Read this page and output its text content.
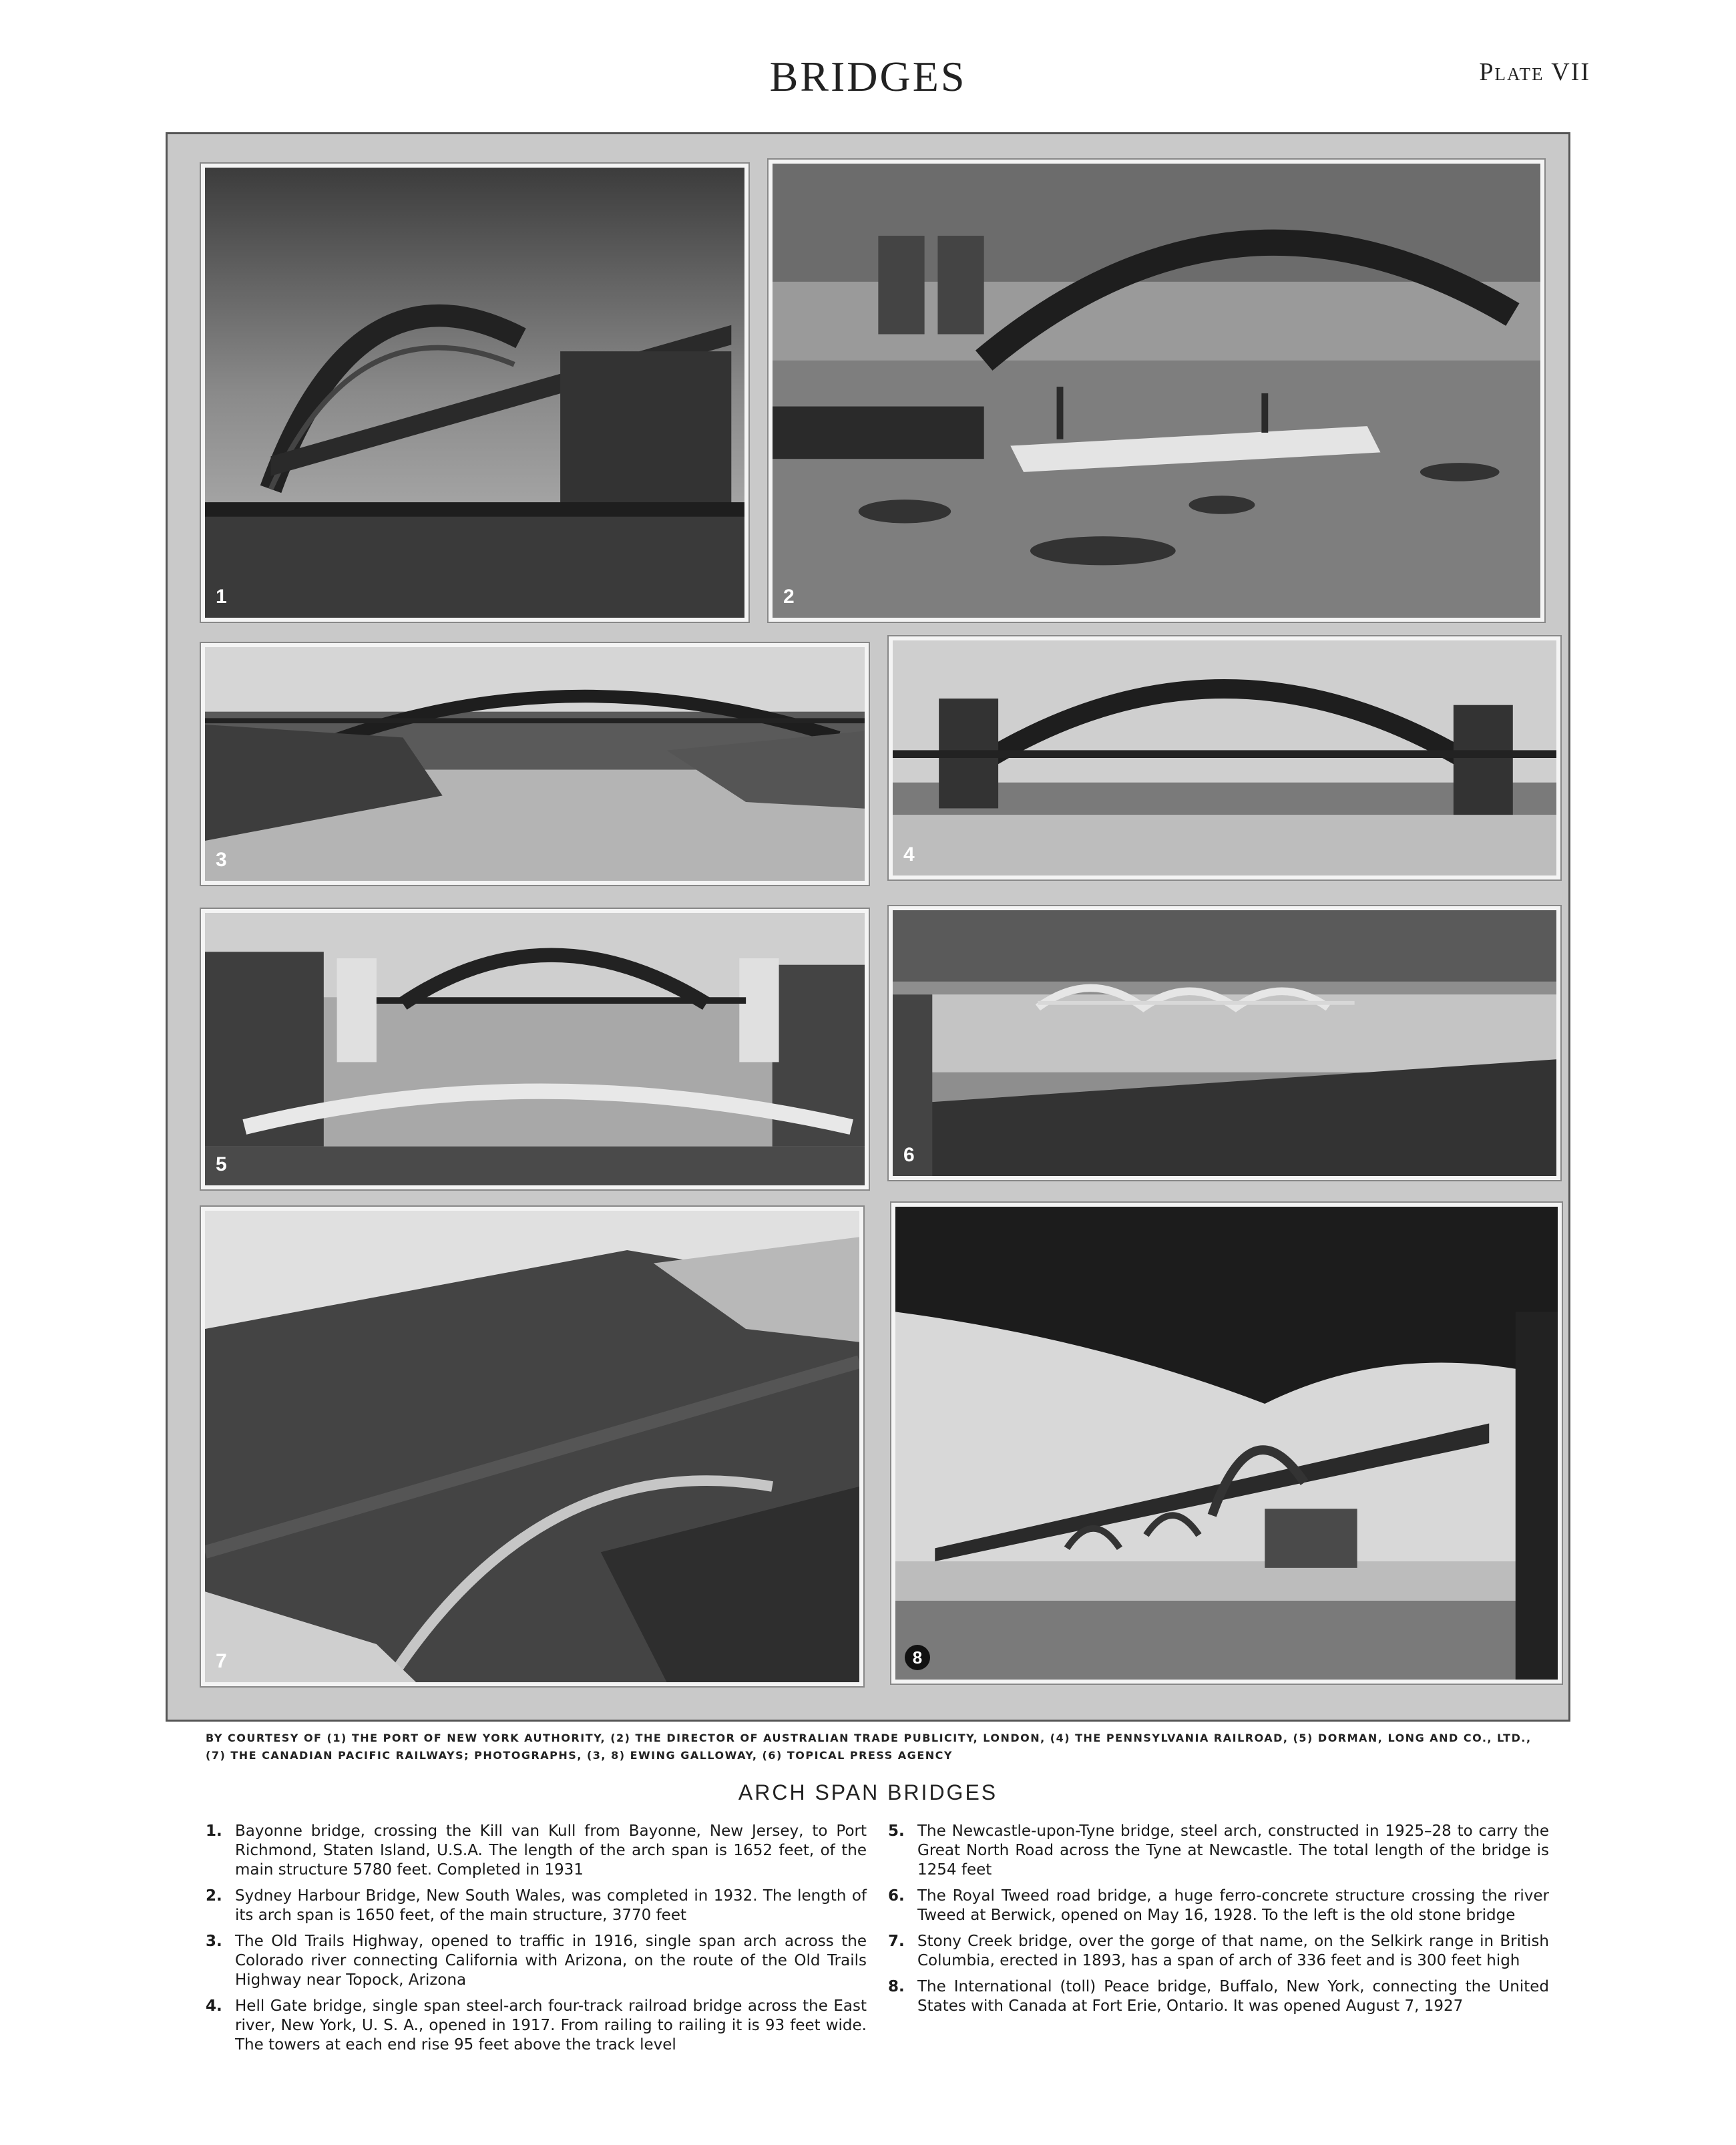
BRIDGES	Plate VII
1	2
3	4
5	6
7	8
BY COURTESY OF (1) THE PORT OF NEW YORK AUTHORITY, (2) THE DIRECTOR OF AUSTRALIAN TRADE PUBLICITY, LONDON, (4) THE PENNSYLVANIA RAILROAD, (5) DORMAN, LONG AND CO., LTD., (7) THE CANADIAN PACIFIC RAILWAYS; PHOTOGRAPHS, (3, 8) EWING GALLOWAY, (6) TOPICAL PRESS AGENCY
ARCH SPAN BRIDGES
1. Bayonne bridge, crossing the Kill van Kull from Bayonne, New Jersey, to Port Richmond, Staten Island, U.S.A. The length of the arch span is 1652 feet, of the main structure 5780 feet. Completed in 1931
2. Sydney Harbour Bridge, New South Wales, was completed in 1932. The length of its arch span is 1650 feet, of the main structure, 3770 feet
3. The Old Trails Highway, opened to traffic in 1916, single span arch across the Colorado river connecting California with Arizona, on the route of the Old Trails Highway near Topock, Arizona
4. Hell Gate bridge, single span steel-arch four-track railroad bridge across the East river, New York, U. S. A., opened in 1917. From railing to railing it is 93 feet wide. The towers at each end rise 95 feet above the track level
5. The Newcastle-upon-Tyne bridge, steel arch, constructed in 1925–28 to carry the Great North Road across the Tyne at Newcastle. The total length of the bridge is 1254 feet
6. The Royal Tweed road bridge, a huge ferro-concrete structure crossing the river Tweed at Berwick, opened on May 16, 1928. To the left is the old stone bridge
7. Stony Creek bridge, over the gorge of that name, on the Selkirk range in British Columbia, erected in 1893, has a span of arch of 336 feet and is 300 feet high
8. The International (toll) Peace bridge, Buffalo, New York, connecting the United States with Canada at Fort Erie, Ontario. It was opened August 7, 1927
